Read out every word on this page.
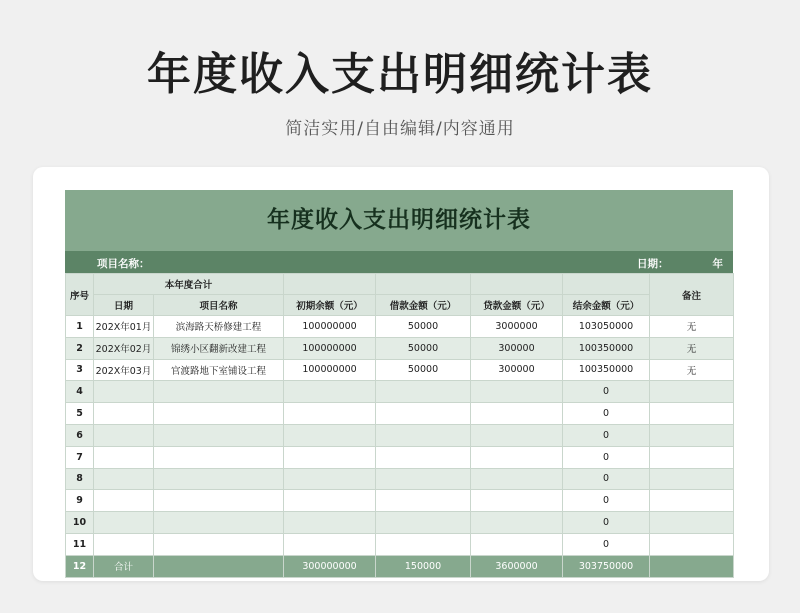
年度收入支出明细统计表
简洁实用/自由编辑/内容通用
年度收入支出明细统计表
项目名称：	日期：	年
序号	本年度合计						备注
	日期	项目名称	初期余额（元）	借款金额（元）	贷款金额（元）	结余金额（元）	
1	202X年01月	滨海路天桥修建工程	100000000	50000	3000000	103050000	无
2	202X年02月	锦绣小区翻新改建工程	100000000	50000	300000	100350000	无
3	202X年03月	官渡路地下室铺设工程	100000000	50000	300000	100350000	无
4						0	
5						0	
6						0	
7						0	
8						0	
9						0	
10						0	
11						0	
12	合计		300000000	150000	3600000	303750000	
